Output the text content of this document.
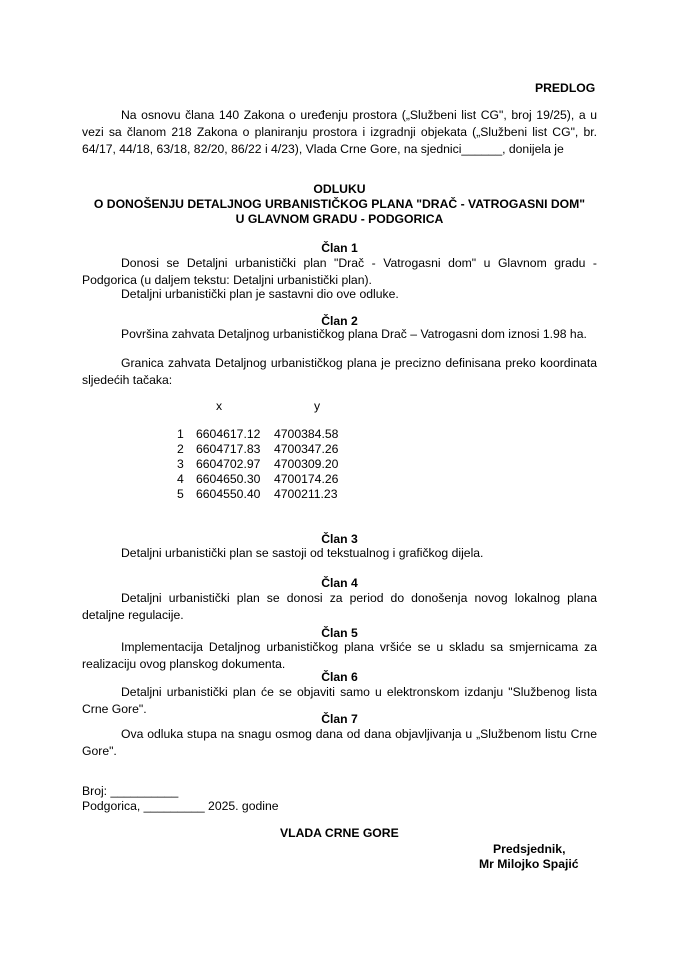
PREDLOG
Na osnovu člana 140 Zakona o uređenju prostora („Službeni list CG", broj 19/25), a u vezi sa članom 218 Zakona o planiranju prostora i izgradnji objekata („Službeni list CG", br. 64/17, 44/18, 63/18, 82/20, 86/22 i 4/23), Vlada Crne Gore, na sjednici______, donijela je
ODLUKU
O DONOŠENJU DETALJNOG URBANISTIČKOG PLANA "DRAČ - VATROGASNI DOM"
U GLAVNOM GRADU - PODGORICA
Član 1
Donosi se Detaljni urbanistički plan "Drač - Vatrogasni dom" u Glavnom gradu - Podgorica (u daljem tekstu: Detaljni urbanistički plan).
Detaljni urbanistički plan je sastavni dio ove odluke.
Član 2
Površina zahvata Detaljnog urbanističkog plana Drač – Vatrogasni dom iznosi 1.98 ha.
Granica zahvata Detaljnog urbanističkog plana je precizno definisana preko koordinata sljedećih tačaka:
x	y
1 6604617.12 4700384.58
2 6604717.83 4700347.26
3 6604702.97 4700309.20
4 6604650.30 4700174.26
5 6604550.40 4700211.23
Član 3
Detaljni urbanistički plan se sastoji od tekstualnog i grafičkog dijela.
Član 4
Detaljni urbanistički plan se donosi za period do donošenja novog lokalnog plana detaljne regulacije.
Član 5
Implementacija Detaljnog urbanističkog plana vršiće se u skladu sa smjernicama za realizaciju ovog planskog dokumenta.
Član 6
Detaljni urbanistički plan će se objaviti samo u elektronskom izdanju "Službenog lista Crne Gore".
Član 7
Ova odluka stupa na snagu osmog dana od dana objavljivanja u „Službenom listu Crne Gore".
Broj: __________
Podgorica, _________ 2025. godine
VLADA CRNE GORE
Predsjednik,
Mr Milojko Spajić
